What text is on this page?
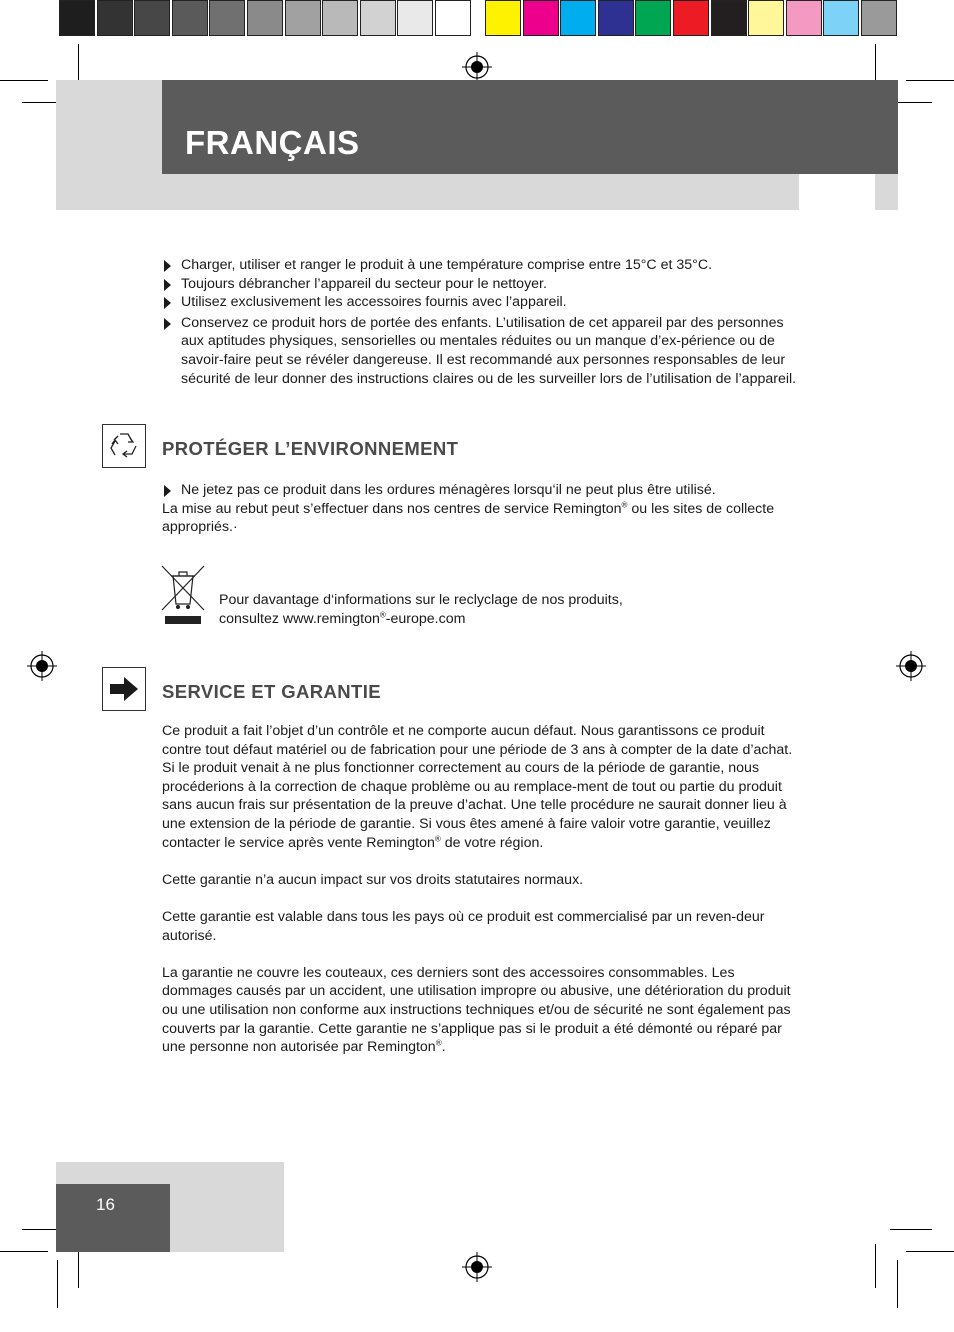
FRANÇAIS
Charger, utiliser et ranger le produit à une température comprise entre 15°C et 35°C.
Toujours débrancher l’appareil du secteur pour le nettoyer.
Utilisez exclusivement les accessoires fournis avec l’appareil.
Conservez ce produit hors de portée des enfants. L’utilisation de cet appareil par des personnes aux aptitudes physiques, sensorielles ou mentales réduites ou un manque d’ex-périence ou de savoir-faire peut se révéler dangereuse. Il est recommandé aux personnes responsables de leur sécurité de leur donner des instructions claires ou de les surveiller lors de l’utilisation de l’appareil.
PROTÉGER L’ENVIRONNEMENT
Ne jetez pas ce produit dans les ordures ménagères lorsqu‘il ne peut plus être utilisé.

La mise au rebut peut s’effectuer dans nos centres de service Remington® ou les sites de collecte appropriés.·

Pour davantage d‘informations sur le reclyclage de nos produits,

consultez www.remington®-europe.com

SERVICE ET GARANTIE

Ce produit a fait l’objet d’un contrôle et ne comporte aucun défaut. Nous garantissons ce produit contre tout défaut matériel ou de fabrication pour une période de 3 ans à compter de la date d’achat. Si le produit venait à ne plus fonctionner correctement au cours de la période de garantie, nous procéderions à la correction de chaque problème ou au remplace-ment de tout ou partie du produit sans aucun frais sur présentation de la preuve d’achat. Une telle procédure ne saurait donner lieu à une extension de la période de garantie. Si vous êtes amené à faire valoir votre garantie, veuillez contacter le service après vente Remington® de votre région.

Cette garantie n’a aucun impact sur vos droits statutaires normaux.

Cette garantie est valable dans tous les pays où ce produit est commercialisé par un reven-deur autorisé.

La garantie ne couvre les couteaux, ces derniers sont des accessoires consommables. Les dommages causés par un accident, une utilisation impropre ou abusive, une détérioration du produit ou une utilisation non conforme aux instructions techniques et/ou de sécurité ne sont également pas couverts par la garantie. Cette garantie ne s’applique pas si le produit a été démonté ou réparé par une personne non autorisée par Remington®.

16
